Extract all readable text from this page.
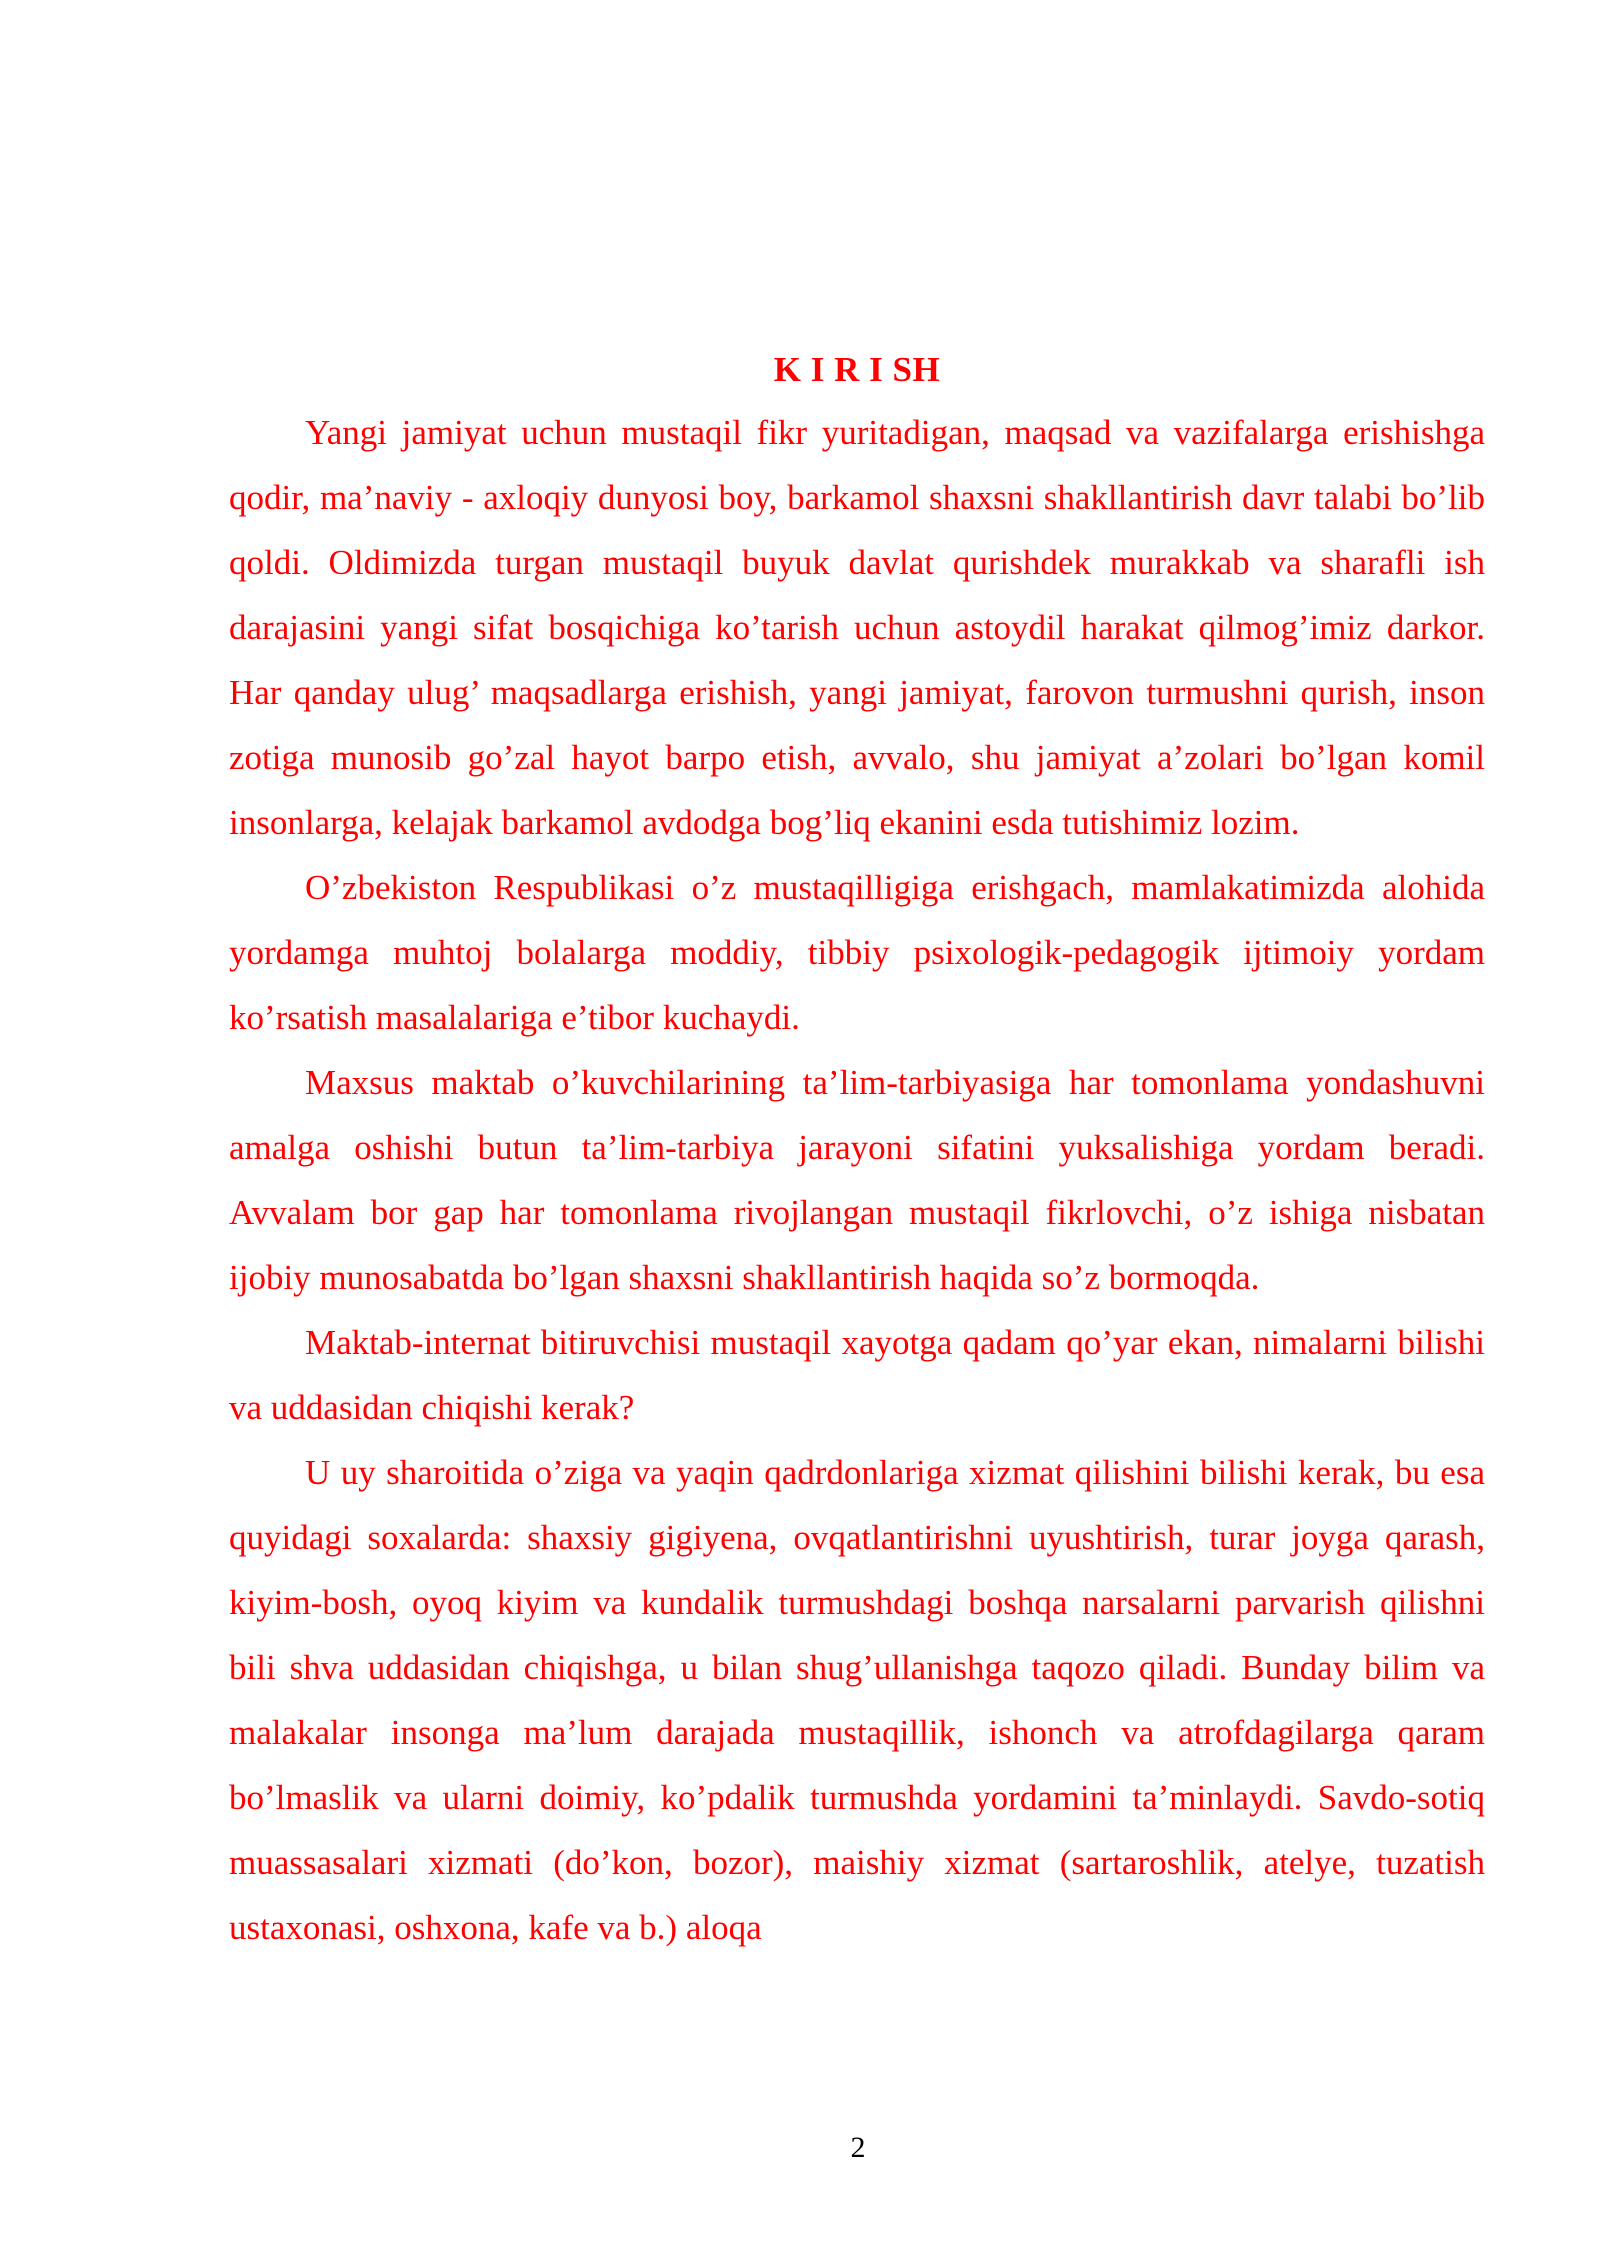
K I R I SH

Yangi jamiyat uchun mustaqil fikr yuritadigan, maqsad va vazifalarga erishishga qodir, ma’naviy - axloqiy dunyosi boy, barkamol shaxsni shakllantirish davr talabi bo’lib qoldi. Oldimizda turgan mustaqil buyuk davlat qurishdek murakkab va sharafli ish darajasini yangi sifat bosqichiga ko’tarish uchun astoydil harakat qilmog’imiz darkor. Har qanday ulug’ maqsadlarga erishish, yangi jamiyat, farovon turmushni qurish, inson zotiga munosib go’zal hayot barpo etish, avvalo, shu jamiyat a’zolari bo’lgan komil insonlarga, kelajak barkamol avdodga bog’liq ekanini esda tutishimiz lozim.

O’zbekiston Respublikasi o’z mustaqilligiga erishgach, mamlakatimizda alohida yordamga muhtoj bolalarga moddiy, tibbiy psixologik-pedagogik ijtimoiy yordam ko’rsatish masalalariga e’tibor kuchaydi.

Maxsus maktab o’kuvchilarining ta’lim-tarbiyasiga har tomonlama yondashuvni amalga oshishi butun ta’lim-tarbiya jarayoni sifatini yuksalishiga yordam beradi. Avvalam bor gap har tomonlama rivojlangan mustaqil fikrlovchi, o’z ishiga nisbatan ijobiy munosabatda bo’lgan shaxsni shakllantirish haqida so’z bormoqda.

Maktab-internat bitiruvchisi mustaqil xayotga qadam qo’yar ekan, nimalarni bilishi va uddasidan chiqishi kerak?

U uy sharoitida o’ziga va yaqin qadrdonlariga xizmat qilishini bilishi kerak, bu esa quyidagi soxalarda: shaxsiy gigiyena, ovqatlantirishni uyushtirish, turar joyga qarash, kiyim-bosh, oyoq kiyim va kundalik turmushdagi boshqa narsalarni parvarish qilishni bili shva uddasidan chiqishga, u bilan shug’ullanishga taqozo qiladi. Bunday bilim va malakalar insonga ma’lum darajada mustaqillik, ishonch va atrofdagilarga qaram bo’lmaslik va ularni doimiy, ko’pdalik turmushda yordamini ta’minlaydi. Savdo-sotiq muassasalari xizmati (do’kon, bozor), maishiy xizmat (sartaroshlik, atelye, tuzatish ustaxonasi, oshxona, kafe va b.) aloqa

2
